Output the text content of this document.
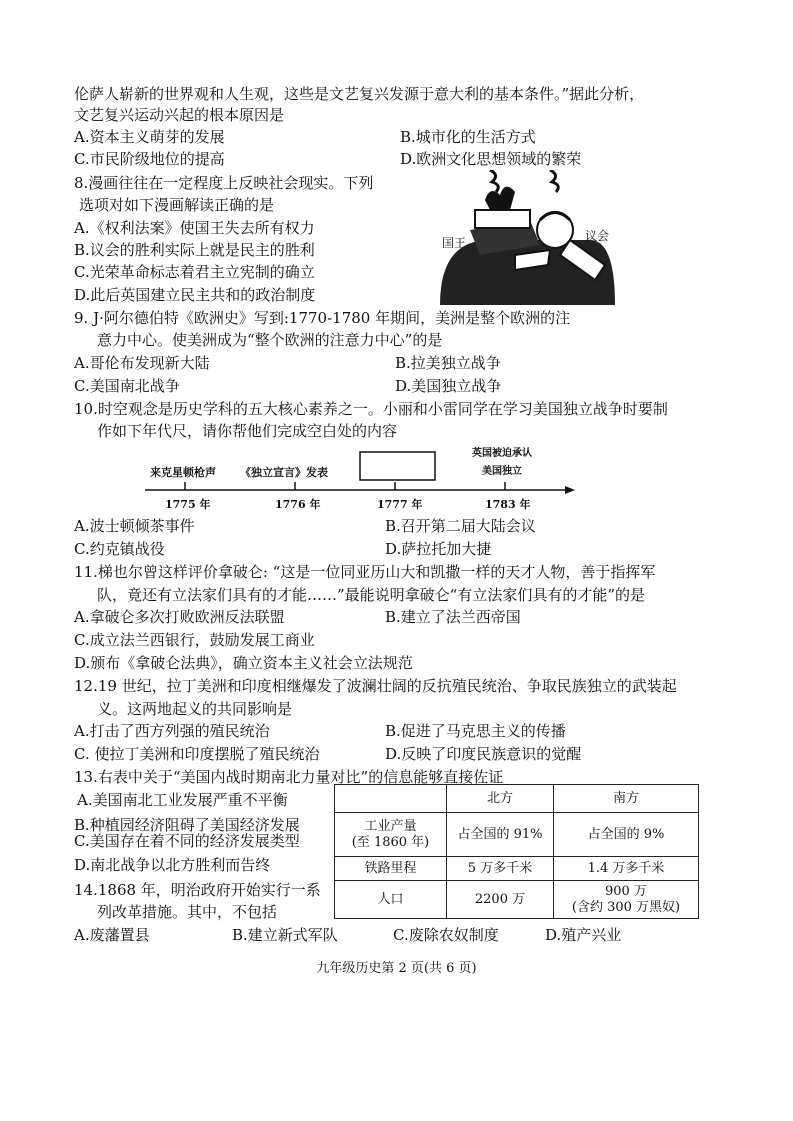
伦萨人崭新的世界观和人生观，这些是文艺复兴发源于意大利的基本条件。”据此分析，
文艺复兴运动兴起的根本原因是
A.资本主义萌芽的发展	B.城市化的生活方式
C.市民阶级地位的提高	D.欧洲文化思想领域的繁荣
8.漫画往往在一定程度上反映社会现实。下列
选项对如下漫画解读正确的是
A.《权利法案》使国王失去所有权力
B.议会的胜利实际上就是民主的胜利
C.光荣革命标志着君主立宪制的确立
D.此后英国建立民主共和的政治制度
国王	议会
9. J·阿尔德伯特《欧洲史》写到:1770-1780 年期间，美洲是整个欧洲的注
意力中心。使美洲成为“整个欧洲的注意力中心”的是
A.哥伦布发现新大陆	B.拉美独立战争
C.美国南北战争	D.美国独立战争
10.时空观念是历史学科的五大核心素养之一。小丽和小雷同学在学习美国独立战争时要制
作如下年代尺，请你帮他们完成空白处的内容
来克星顿枪声 《独立宣言》发表
英国被迫承认
美国独立
1775 年	1776 年	1777 年	1783 年
A.波士顿倾茶事件	B.召开第二届大陆会议
C.约克镇战役	D.萨拉托加大捷
11.梯也尔曾这样评价拿破仑: “这是一位同亚历山大和凯撒一样的天才人物，善于指挥军
队，竟还有立法家们具有的才能……”最能说明拿破仑“有立法家们具有的才能”的是
A.拿破仑多次打败欧洲反法联盟	B.建立了法兰西帝国
C.成立法兰西银行，鼓励发展工商业
D.颁布《拿破仑法典》，确立资本主义社会立法规范
12.19 世纪，拉丁美洲和印度相继爆发了波澜壮阔的反抗殖民统治、争取民族独立的武装起
义。这两地起义的共同影响是
A.打击了西方列强的殖民统治	B.促进了马克思主义的传播
C. 使拉丁美洲和印度摆脱了殖民统治	D.反映了印度民族意识的觉醒
13.右表中关于“美国内战时期南北力量对比”的信息能够直接佐证
A.美国南北工业发展严重不平衡
B.种植园经济阻碍了美国经济发展
C.美国存在着不同的经济发展类型
D.南北战争以北方胜利而告终
	北方	南方

工业产量
(至 1860 年)	占全国的 91%	占全国的 9%
铁路里程	5 万多千米	1.4 万多千米
人口	2200 万	900 万
(含约 300 万黑奴)
14.1868 年，明治政府开始实行一系
列改革措施。其中，不包括
A.废藩置县	B.建立新式军队	C.废除农奴制度	D.殖产兴业
九年级历史第 2 页(共 6 页)
